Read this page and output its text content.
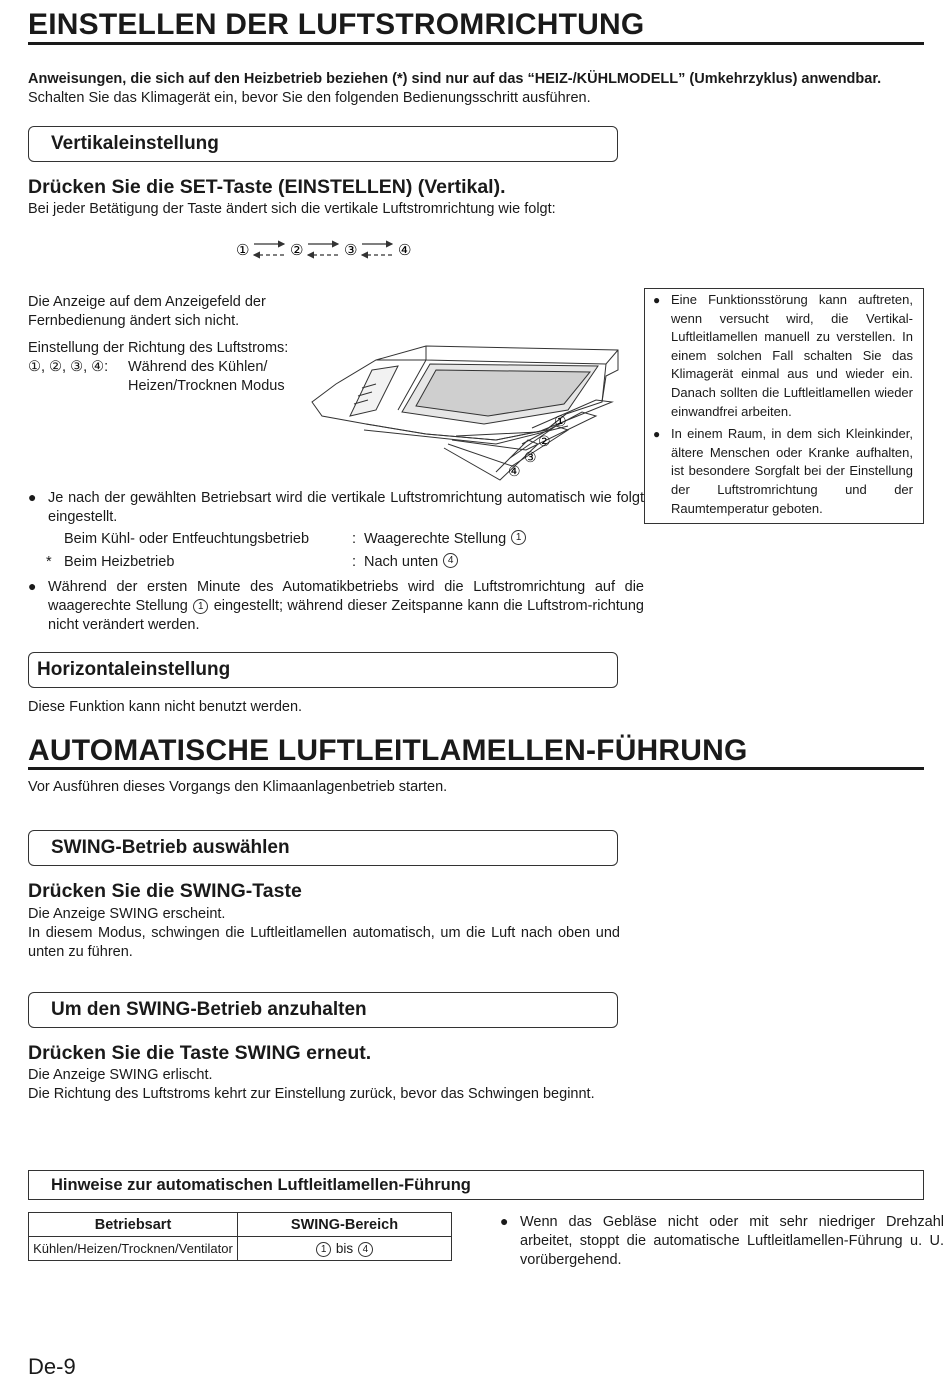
EINSTELLEN DER LUFTSTROMRICHTUNG
Anweisungen, die sich auf den Heizbetrieb beziehen (*) sind nur auf das “HEIZ-/KÜHLMODELL” (Umkehrzyklus) anwendbar.
Schalten Sie das Klimagerät ein, bevor Sie den folgenden Bedienungsschritt ausführen.
Vertikaleinstellung
Drücken Sie die SET-Taste (EINSTELLEN) (Vertikal).
Bei jeder Betätigung der Taste ändert sich die vertikale Luftstromrichtung wie folgt:
①	②	③	④
Die Anzeige auf dem Anzeigefeld der
Fernbedienung ändert sich nicht.
Einstellung der Richtung des Luftstroms:
①, ②, ③, ④:	Während des Kühlen/
Heizen/Trocknen Modus
①
②
③
④
● Je nach der gewählten Betriebsart wird die vertikale Luftstromrichtung automatisch wie folgt eingestellt.
Beim Kühl- oder Entfeuchtungsbetrieb	: Waagerechte Stellung
1
* Beim Heizbetrieb	: Nach unten
4
● Während der ersten Minute des Automatikbetriebs wird die Luftstromrichtung auf die waagerechte Stellung 1 eingestellt; während dieser Zeitspanne kann die Luftstrom-richtung nicht verändert werden.
● Eine Funktionsstörung kann auftreten, wenn versucht wird, die Vertikal-Luftleitlamellen manuell zu verstellen. In einem solchen Fall schalten Sie das Klimagerät einmal aus und wieder ein. Danach sollten die Luftleitlamellen wieder einwandfrei arbeiten.
● In einem Raum, in dem sich Kleinkinder, ältere Menschen oder Kranke aufhalten, ist besondere Sorgfalt bei der Einstellung der Luftstromrichtung und der Raumtemperatur geboten.
Horizontaleinstellung
Diese Funktion kann nicht benutzt werden.
AUTOMATISCHE LUFTLEITLAMELLEN-FÜHRUNG
Vor Ausführen dieses Vorgangs den Klimaanlagenbetrieb starten.
SWING-Betrieb auswählen
Drücken Sie die SWING-Taste
Die Anzeige SWING erscheint.
In diesem Modus, schwingen die Luftleitlamellen automatisch, um die Luft nach oben und unten zu führen.
Um den SWING-Betrieb anzuhalten
Drücken Sie die Taste SWING erneut.
Die Anzeige SWING erlischt.
Die Richtung des Luftstroms kehrt zur Einstellung zurück, bevor das Schwingen beginnt.
Hinweise zur automatischen Luftleitlamellen-Führung
Betriebsart	SWING-Bereich
Kühlen/Heizen/Trocknen/Ventilator	1 bis 4
● Wenn das Gebläse nicht oder mit sehr niedriger Drehzahl arbeitet, stoppt die automatische Luftleitlamellen-Führung u. U. vorübergehend.
De-9
